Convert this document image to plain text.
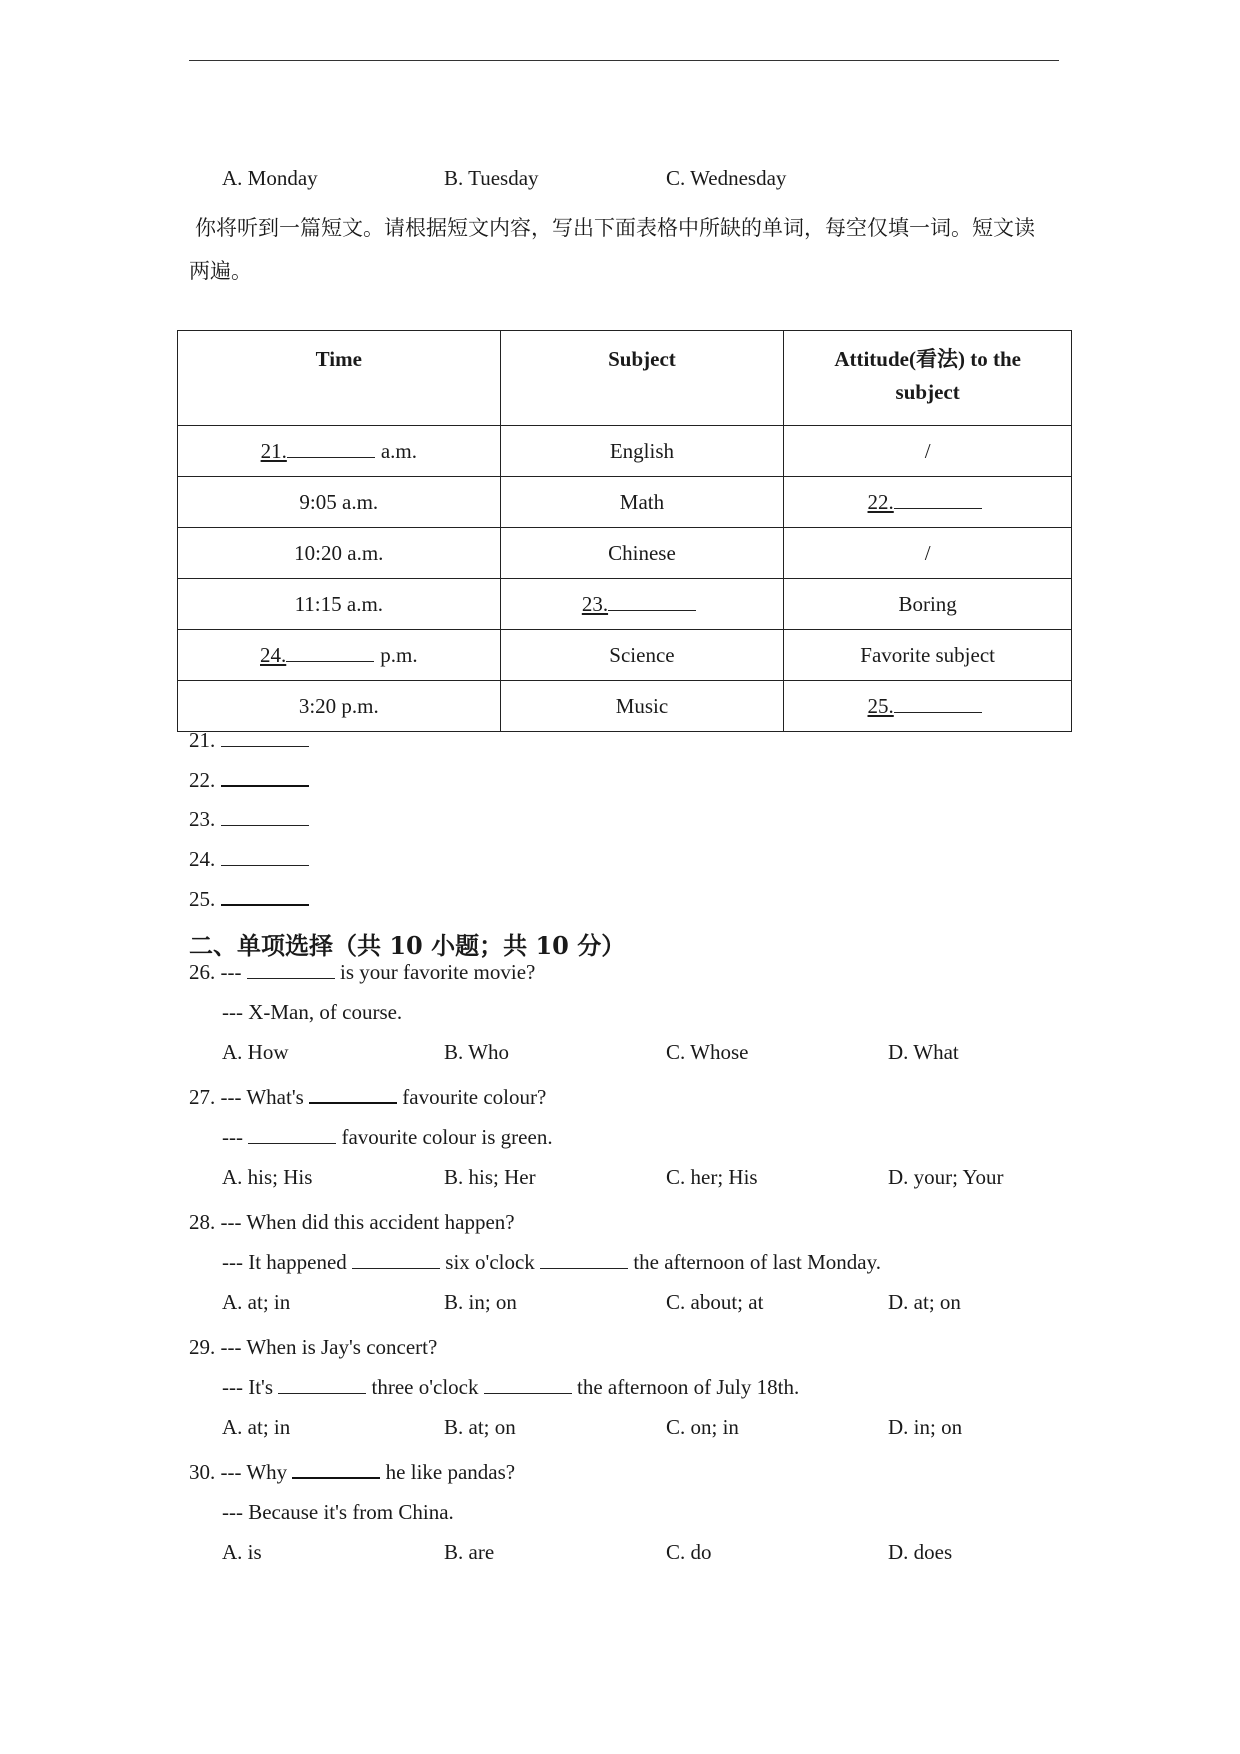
A. Monday	B. Tuesday	C. Wednesday
你将听到一篇短文。请根据短文内容，写出下面表格中所缺的单词，每空仅填一词。短文读
两遍。
Time	Subject	Attitude(看法) to the
subject

21. a.m.	English	/
9:05 a.m.	Math	22.
10:20 a.m.	Chinese	/
11:15 a.m.	23.	Boring
24. p.m.	Science	Favorite subject
3:20 p.m.	Music	25.
21.
22.
23.
24.
25.
二、单项选择（共 10 小题；共 10 分）
26. ---	is your favorite movie?
--- X-Man, of course.
A. How	B. Who	C. Whose	D. What
27. --- What's	favourite colour?
---	favourite colour is green.
A. his; His	B. his; Her	C. her; His	D. your; Your
28. --- When did this accident happen?
--- It happened	six o'clock	the afternoon of last Monday.
A. at; in	B. in; on	C. about; at	D. at; on
29. --- When is Jay's concert?
--- It's	three o'clock	the afternoon of July 18th.
A. at; in	B. at; on	C. on; in	D. in; on
30. --- Why	he like pandas?
--- Because it's from China.
A. is	B. are	C. do	D. does
